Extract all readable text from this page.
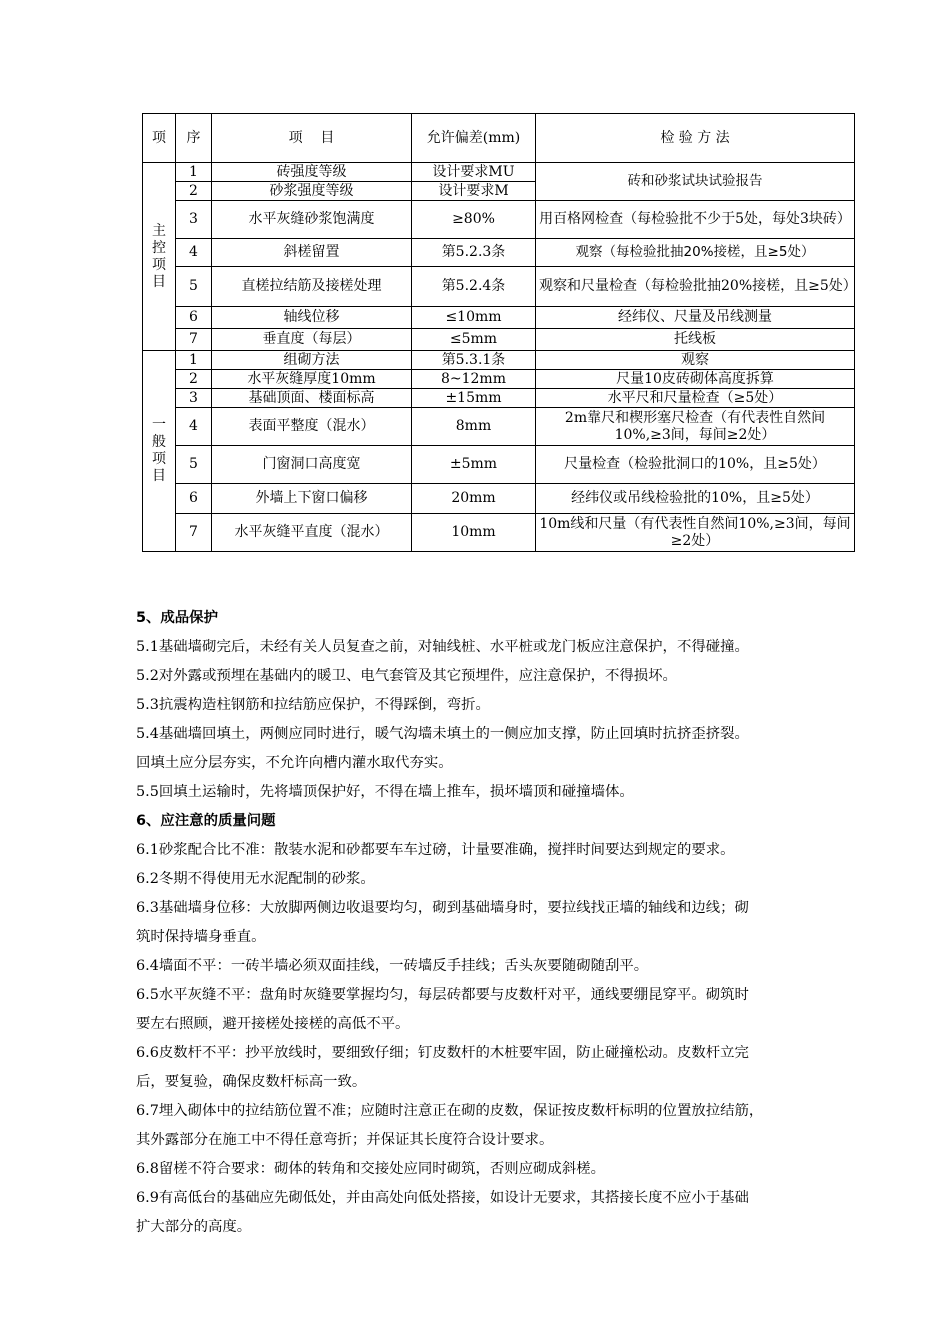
项	序	项    目	允许偏差(mm)	检 验 方 法

主
控
项
目	1	砖强度等级	设计要求MU	砖和砂浆试块试验报告
	2	砂浆强度等级	设计要求M	
	3	水平灰缝砂浆饱满度	≥80%	用百格网检查（每检验批不少于5处，每处3块砖）
	4	斜槎留置	第5.2.3条	观察（每检验批抽20%接槎，且≥5处）
	5	直槎拉结筋及接槎处理	第5.2.4条	观察和尺量检查（每检验批抽20%接槎，且≥5处）
	6	轴线位移	≤10mm	经纬仪、尺量及吊线测量
	7	垂直度（每层）	≤5mm	托线板

一
般
项
目	1	组砌方法	第5.3.1条	观察
	2	水平灰缝厚度10mm	8~12mm	尺量10皮砖砌体高度拆算
	3	基础顶面、楼面标高	±15mm	水平尺和尺量检查（≥5处）
	4	表面平整度（混水）	8mm	2m靠尺和楔形塞尺检查（有代表性自然间10%,≥3间，每间≥2处）
	5	门窗洞口高度宽	±5mm	尺量检查（检验批洞口的10%，且≥5处）
	6	外墙上下窗口偏移	20mm	经纬仪或吊线检验批的10%，且≥5处）
	7	水平灰缝平直度（混水）	10mm	10m线和尺量（有代表性自然间10%,≥3间，每间≥2处）

5、成品保护

5.1基础墙砌完后，未经有关人员复查之前，对轴线桩、水平桩或龙门板应注意保护，不得碰撞。

5.2对外露或预埋在基础内的暖卫、电气套管及其它预埋件，应注意保护，不得损坏。

5.3抗震构造柱钢筋和拉结筋应保护，不得踩倒，弯折。

5.4基础墙回填土，两侧应同时进行，暖气沟墙未填土的一侧应加支撑，防止回填时抗挤歪挤裂。

回填土应分层夯实，不允许向槽内灌水取代夯实。

5.5回填土运输时，先将墙顶保护好，不得在墙上推车，损坏墙顶和碰撞墙体。

6、应注意的质量问题

6.1砂浆配合比不准：散装水泥和砂都要车车过磅，计量要准确，搅拌时间要达到规定的要求。

6.2冬期不得使用无水泥配制的砂浆。

6.3基础墙身位移：大放脚两侧边收退要均匀，砌到基础墙身时，要拉线找正墙的轴线和边线；砌

筑时保持墙身垂直。

6.4墙面不平：一砖半墙必须双面挂线，一砖墙反手挂线；舌头灰要随砌随刮平。

6.5水平灰缝不平：盘角时灰缝要掌握均匀，每层砖都要与皮数杆对平，通线要绷昆穿平。砌筑时

要左右照顾，避开接槎处接槎的高低不平。

6.6皮数杆不平：抄平放线时，要细致仔细；钉皮数杆的木桩要牢固，防止碰撞松动。皮数杆立完

后，要复验，确保皮数杆标高一致。

6.7埋入砌体中的拉结筋位置不准；应随时注意正在砌的皮数，保证按皮数杆标明的位置放拉结筋，

其外露部分在施工中不得任意弯折；并保证其长度符合设计要求。

6.8留槎不符合要求：砌体的转角和交接处应同时砌筑，否则应砌成斜槎。

6.9有高低台的基础应先砌低处，并由高处向低处搭接，如设计无要求，其搭接长度不应小于基础

扩大部分的高度。
